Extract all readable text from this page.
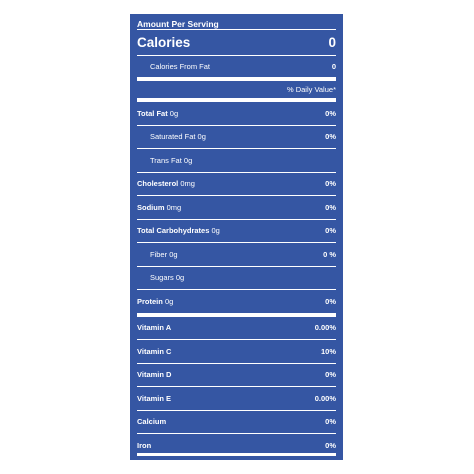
Amount Per Serving
Calories	0
Calories From Fat	0
% Daily Value*
Total Fat 0g	0%
Saturated Fat 0g	0%
Trans Fat 0g
Cholesterol 0mg	0%
Sodium 0mg	0%
Total Carbohydrates 0g	0%
Fiber 0g	0 %
Sugars 0g
Protein 0g	0%
Vitamin A	0.00%
Vitamin C	10%
Vitamin D	0%
Vitamin E	0.00%
Calcium	0%
Iron	0%
